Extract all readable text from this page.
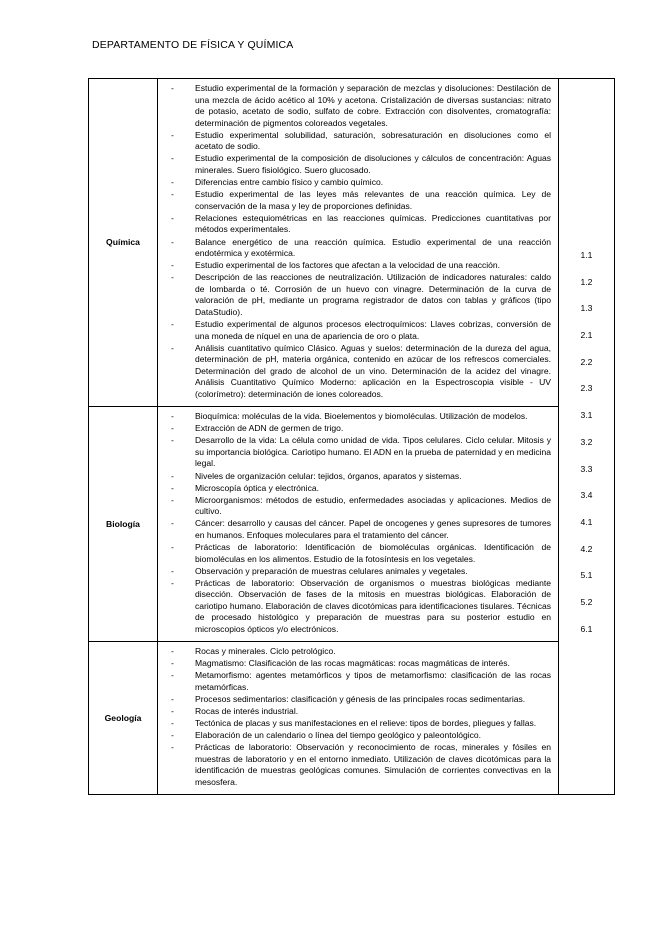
DEPARTAMENTO DE FÍSICA Y QUÍMICA
Química
- Estudio experimental de la formación y separación de mezclas y disoluciones: Destilación de una mezcla de ácido acético al 10% y acetona. Cristalización de diversas sustancias: nitrato de potasio, acetato de sodio, sulfato de cobre. Extracción con disolventes, cromatografía: determinación de pigmentos coloreados vegetales.
- Estudio experimental solubilidad, saturación, sobresaturación en disoluciones como el acetato de sodio.
- Estudio experimental de la composición de disoluciones y cálculos de concentración: Aguas minerales. Suero fisiológico. Suero glucosado.
- Diferencias entre cambio físico y cambio químico.
- Estudio experimental de las leyes más relevantes de una reacción química. Ley de conservación de la masa y ley de proporciones definidas.
- Relaciones estequiométricas en las reacciones químicas. Predicciones cuantitativas por métodos experimentales.
- Balance energético de una reacción química. Estudio experimental de una reacción endotérmica y exotérmica.
- Estudio experimental de los factores que afectan a la velocidad de una reacción.
- Descripción de las reacciones de neutralización. Utilización de indicadores naturales: caldo de lombarda o té. Corrosión de un huevo con vinagre. Determinación de la curva de valoración de pH, mediante un programa registrador de datos con tablas y gráficos (tipo DataStudio).
- Estudio experimental de algunos procesos electroquímicos: Llaves cobrizas, conversión de una moneda de níquel en una de apariencia de oro o plata.
- Análisis cuantitativo químico Clásico. Aguas y suelos: determinación de la dureza del agua, determinación de pH, materia orgánica, contenido en azúcar de los refrescos comerciales. Determinación del grado de alcohol de un vino. Determinación de la acidez del vinagre. Análisis Cuantitativo Químico Moderno: aplicación en la Espectroscopia visible - UV (colorímetro): determinación de iones coloreados.
Biología
- Bioquímica: moléculas de la vida. Bioelementos y biomoléculas. Utilización de modelos.
- Extracción de ADN de germen de trigo.
- Desarrollo de la vida: La célula como unidad de vida. Tipos celulares. Ciclo celular. Mitosis y su importancia biológica. Cariotipo humano. El ADN en la prueba de paternidad y en medicina legal.
- Niveles de organización celular: tejidos, órganos, aparatos y sistemas.
- Microscopía óptica y electrónica.
- Microorganismos: métodos de estudio, enfermedades asociadas y aplicaciones. Medios de cultivo.
- Cáncer: desarrollo y causas del cáncer. Papel de oncogenes y genes supresores de tumores en humanos. Enfoques moleculares para el tratamiento del cáncer.
- Prácticas de laboratorio: Identificación de biomoléculas orgánicas. Identificación de biomoléculas en los alimentos. Estudio de la fotosíntesis en los vegetales.
- Observación y preparación de muestras celulares animales y vegetales.
- Prácticas de laboratorio: Observación de organismos o muestras biológicas mediante disección. Observación de fases de la mitosis en muestras biológicas. Elaboración de cariotipo humano. Elaboración de claves dicotómicas para identificaciones tisulares. Técnicas de procesado histológico y preparación de muestras para su posterior estudio en microscopios ópticos y/o electrónicos.
Geología
- Rocas y minerales. Ciclo petrológico.
- Magmatismo: Clasificación de las rocas magmáticas: rocas magmáticas de interés.
- Metamorfismo: agentes metamórficos y tipos de metamorfismo: clasificación de las rocas metamórficas.
- Procesos sedimentarios: clasificación y génesis de las principales rocas sedimentarias.
- Rocas de interés industrial.
- Tectónica de placas y sus manifestaciones en el relieve: tipos de bordes, pliegues y fallas.
- Elaboración de un calendario o línea del tiempo geológico y paleontológico.
- Prácticas de laboratorio: Observación y reconocimiento de rocas, minerales y fósiles en muestras de laboratorio y en el entorno inmediato. Utilización de claves dicotómicas para la identificación de muestras geológicas comunes. Simulación de corrientes convectivas en la mesosfera.
1.1
1.2
1.3
2.1
2.2
2.3
3.1
3.2
3.3
3.4
4.1
4.2
5.1
5.2
6.1
